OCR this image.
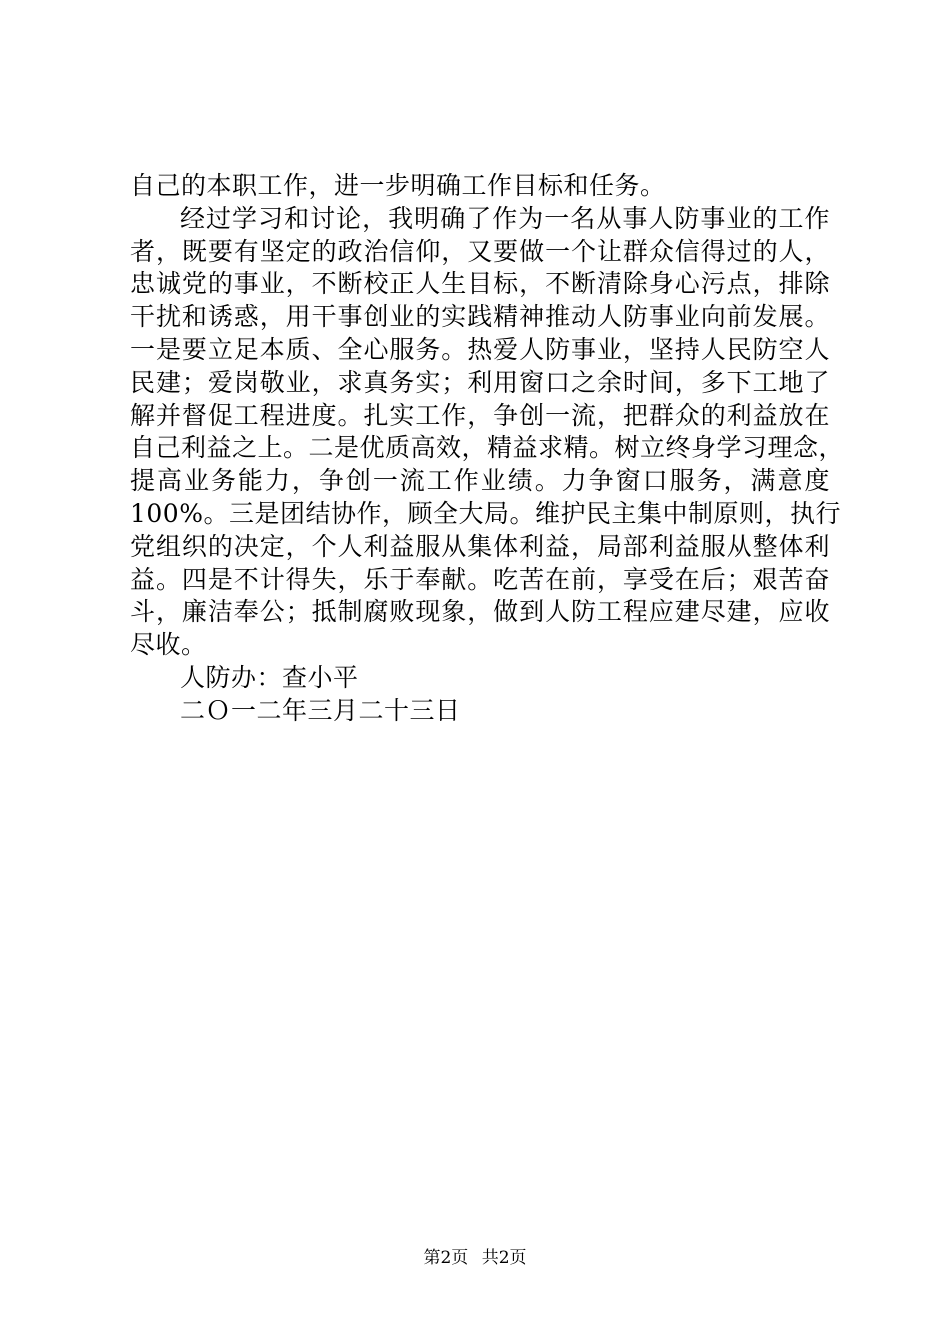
自己的本职工作，进一步明确工作目标和任务。
经过学习和讨论，我明确了作为一名从事人防事业的工作
者，既要有坚定的政治信仰，又要做一个让群众信得过的人，
忠诚党的事业，不断校正人生目标，不断清除身心污点，排除
干扰和诱惑，用干事创业的实践精神推动人防事业向前发展。
一是要立足本质、全心服务。热爱人防事业，坚持人民防空人
民建；爱岗敬业，求真务实；利用窗口之余时间，多下工地了
解并督促工程进度。扎实工作，争创一流，把群众的利益放在
自己利益之上。二是优质高效，精益求精。树立终身学习理念，
提高业务能力，争创一流工作业绩。力争窗口服务，满意度
100%。三是团结协作，顾全大局。维护民主集中制原则，执行
党组织的决定，个人利益服从集体利益，局部利益服从整体利
益。四是不计得失，乐于奉献。吃苦在前，享受在后；艰苦奋
斗，廉洁奉公；抵制腐败现象，做到人防工程应建尽建，应收
尽收。
人防办：查小平
二Ｏ一二年三月二十三日
第2页 共2页
